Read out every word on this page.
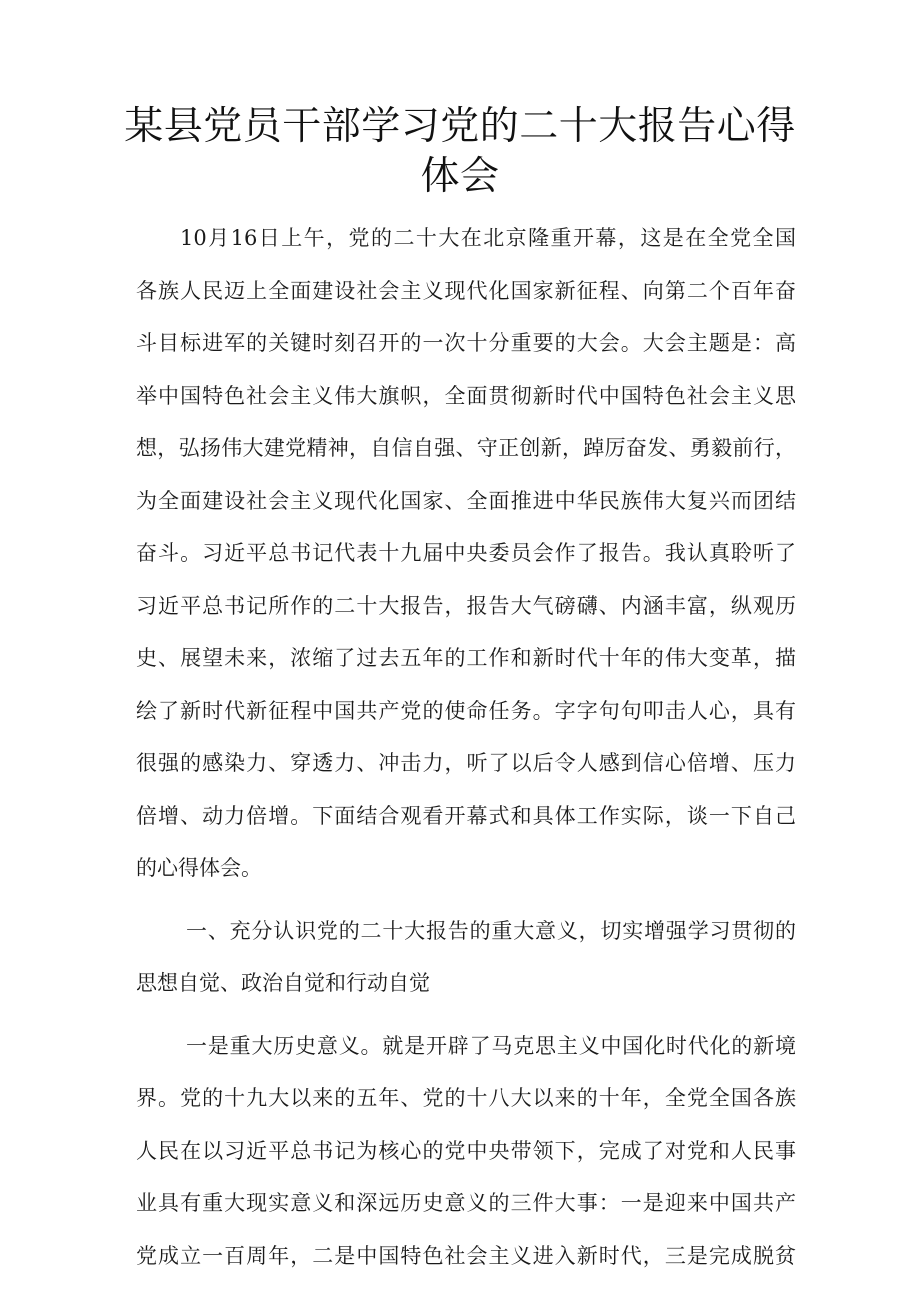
某县党员干部学习党的二十大报告心得
体会
10月16日上午，党的二十大在北京隆重开幕，这是在全党全国
各族人民迈上全面建设社会主义现代化国家新征程、向第二个百年奋
斗目标进军的关键时刻召开的一次十分重要的大会。大会主题是：高
举中国特色社会主义伟大旗帜，全面贯彻新时代中国特色社会主义思
想，弘扬伟大建党精神，自信自强、守正创新，踔厉奋发、勇毅前行，
为全面建设社会主义现代化国家、全面推进中华民族伟大复兴而团结
奋斗。习近平总书记代表十九届中央委员会作了报告。我认真聆听了
习近平总书记所作的二十大报告，报告大气磅礴、内涵丰富，纵观历
史、展望未来，浓缩了过去五年的工作和新时代十年的伟大变革，描
绘了新时代新征程中国共产党的使命任务。字字句句叩击人心，具有
很强的感染力、穿透力、冲击力，听了以后令人感到信心倍增、压力
倍增、动力倍增。下面结合观看开幕式和具体工作实际，谈一下自己
的心得体会。
一、充分认识党的二十大报告的重大意义，切实增强学习贯彻的
思想自觉、政治自觉和行动自觉
一是重大历史意义。就是开辟了马克思主义中国化时代化的新境
界。党的十九大以来的五年、党的十八大以来的十年，全党全国各族
人民在以习近平总书记为核心的党中央带领下，完成了对党和人民事
业具有重大现实意义和深远历史意义的三件大事：一是迎来中国共产
党成立一百周年，二是中国特色社会主义进入新时代，三是完成脱贫
